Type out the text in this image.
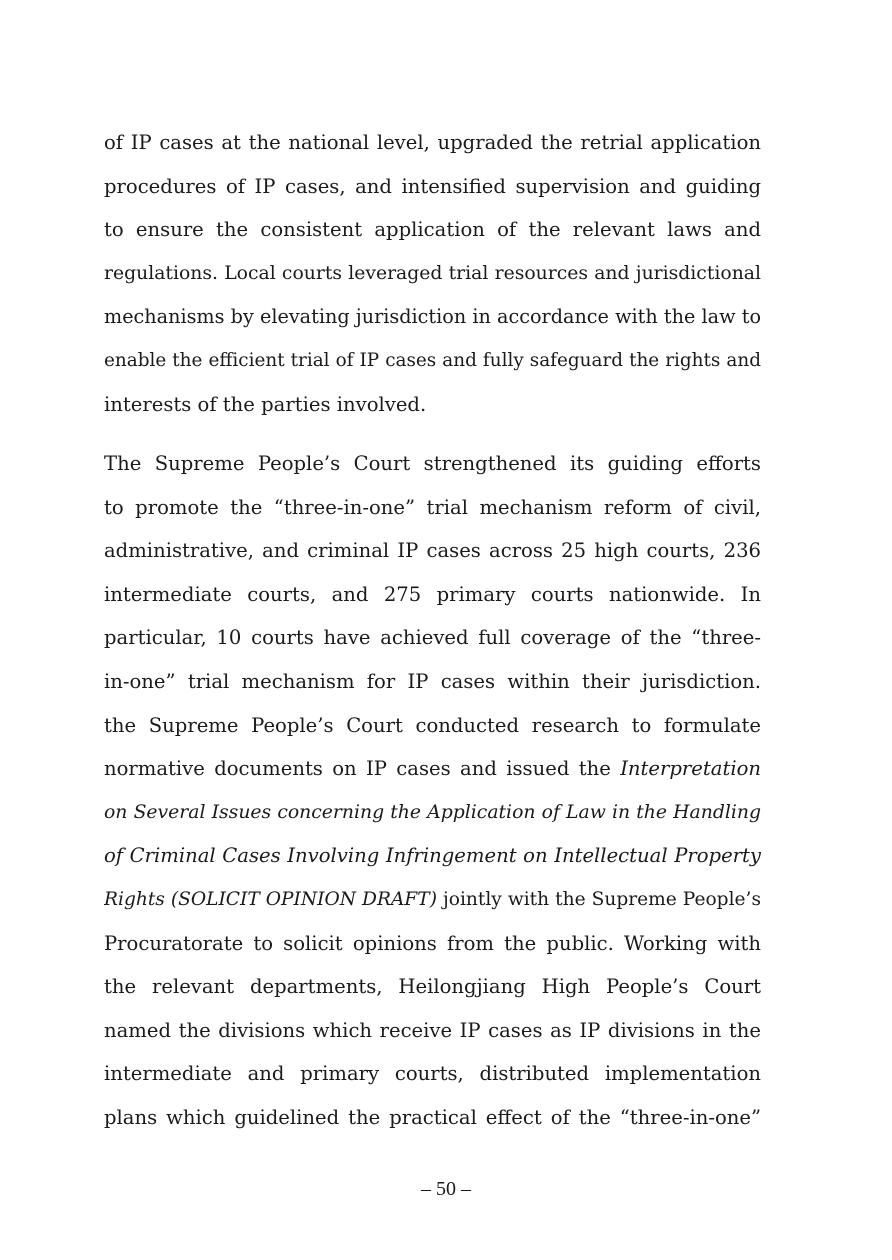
of IP cases at the national level, upgraded the retrial application
procedures of IP cases, and intensified supervision and guiding
to ensure the consistent application of the relevant laws and
regulations. Local courts leveraged trial resources and jurisdictional
mechanisms by elevating jurisdiction in accordance with the law to
enable the efficient trial of IP cases and fully safeguard the rights and
interests of the parties involved.
The Supreme People’s Court strengthened its guiding efforts
to promote the “three-in-one” trial mechanism reform of civil,
administrative, and criminal IP cases across 25 high courts, 236
intermediate courts, and 275 primary courts nationwide. In
particular, 10 courts have achieved full coverage of the “three-
in-one” trial mechanism for IP cases within their jurisdiction.
the Supreme People’s Court conducted research to formulate
normative documents on IP cases and issued the Interpretation
on Several Issues concerning the Application of Law in the Handling
of Criminal Cases Involving Infringement on Intellectual Property
Rights (SOLICIT OPINION DRAFT) jointly with the Supreme People’s
Procuratorate to solicit opinions from the public. Working with
the relevant departments, Heilongjiang High People’s Court
named the divisions which receive IP cases as IP divisions in the
intermediate and primary courts, distributed implementation
plans which guidelined the practical effect of the “three-in-one”
– 50 –
